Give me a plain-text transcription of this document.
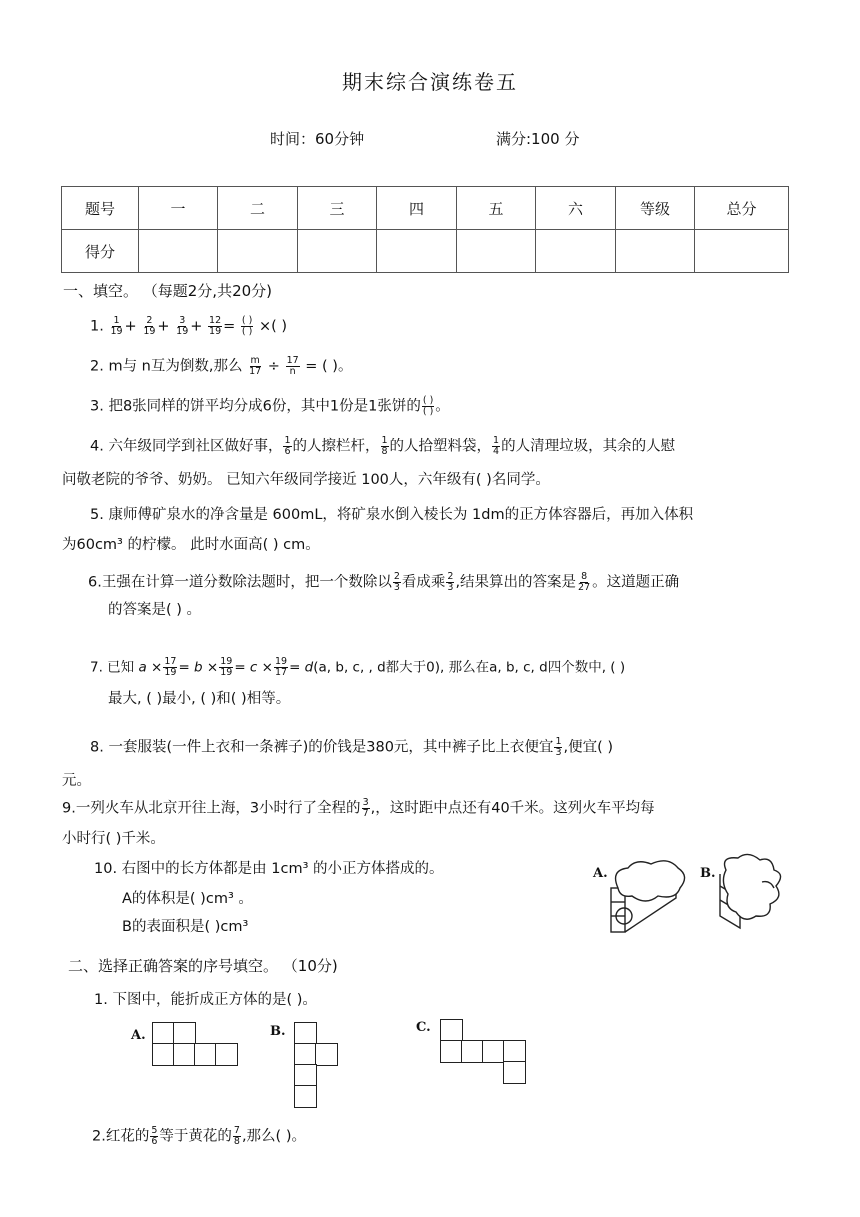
期末综合演练卷五
时间：60分钟	满分:100 分
题号	一	二	三	四	五	六	等级	总分
得分								
一、填空。 （每题2分,共20分)
1. $\frac{1}{19} + \frac{2}{19} + \frac{3}{19} + \frac{12}{19} = \frac{( )}{( )}$ ×( )
2. m与 n互为倒数,那么 $\frac{m}{17} \div \frac{17}{n}$ = ( )。
3. 把8张同样的饼平均分成6份，其中1份是1张饼的 $\frac{( )}{( )}$ 。
4. 六年级同学到社区做好事， $\frac{1}{6}$ 的人擦栏杆， $\frac{1}{8}$ 的人拾塑料袋， $\frac{1}{4}$ 的人清理垃圾，其余的人慰
问敬老院的爷爷、奶奶。 已知六年级同学接近 100人，六年级有( )名同学。
5. 康师傅矿泉水的净含量是 600mL，将矿泉水倒入棱长为 1dm的正方体容器后，再加入体积
为60cm³ 的柠檬。 此时水面高( ) cm。
6.王强在计算一道分数除法题时，把一个数除以 $\frac{2}{3}$ 看成乘 $\frac{2}{3}$ ,结果算出的答案是 $\frac{8}{27}$ 。这道题正确
的答案是( ) 。
7. 已知 $a \times \frac{17}{19} = b \times \frac{19}{19} = c \times \frac{19}{17} = d(a$, b, c, , d都大于0), 那么在a, b, c, d四个数中, ( )
最大, ( )最小, ( )和( )相等。
8. 一套服装(一件上衣和一条裤子)的价钱是380元，其中裤子比上衣便宜 $\frac{1}{3}$ ,便宜( )
元。
9.一列火车从北京开往上海，3小时行了全程的 $\frac{3}{7}$ ,，这时距中点还有40千米。这列火车平均每
小时行( )千米。
10. 右图中的长方体都是由 1cm³ 的小正方体搭成的。
A的体积是( )cm³ 。
B的表面积是( )cm³
A.	B.
二、选择正确答案的序号填空。 （10分)
1. 下图中，能折成正方体的是( )。
A.	B.	C.
2.红花的 $\frac{5}{6}$ 等于黄花的 $\frac{7}{8}$ ,那么( )。
